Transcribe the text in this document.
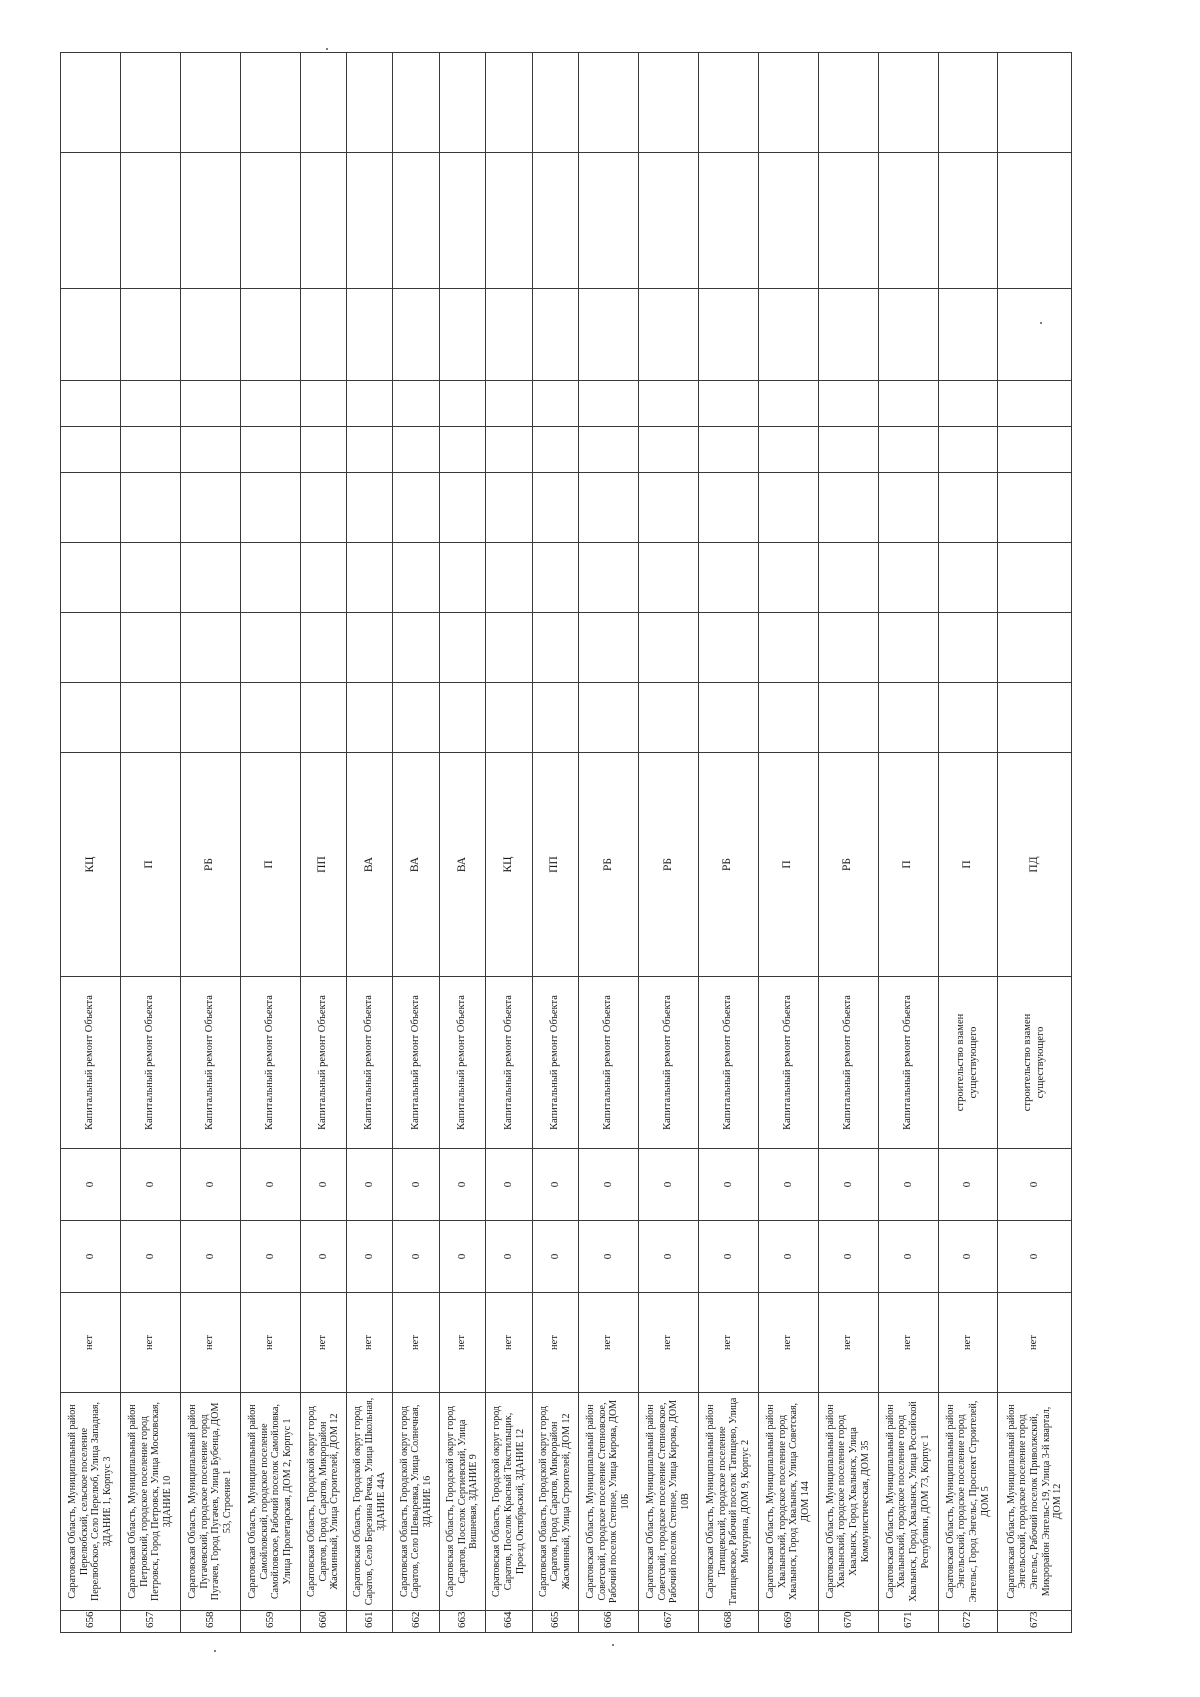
656	Саратовская Область, Муниципальный район Перелюбский, сельское поселение Перелюбское, Село Перелюб, Улица Западная, ЗДАНИЕ 1, Корпус 3	нет	0	0	Капитальный ремонт Объекта	КЦ									
657	Саратовская Область, Муниципальный район Петровский, городское поселение город Петровск, Город Петровск, Улица Московская, ЗДАНИЕ 10	нет	0	0	Капитальный ремонт Объекта	П									
658	Саратовская Область, Муниципальный район Пугачевский, городское поселение город Пугачев, Город Пугачев, Улица Бубенца, ДОМ 53, Строение 1	нет	0	0	Капитальный ремонт Объекта	РБ									
659	Саратовская Область, Муниципальный район Самойловский, городское поселение Самойловское, Рабочий поселок Самойловка, Улица Пролетарская, ДОМ 2, Корпус 1	нет	0	0	Капитальный ремонт Объекта	П									
660	Саратовская Область, Городской округ город Саратов, Город Саратов, Микрорайон Жасминный, Улица Строителей, ДОМ 12	нет	0	0	Капитальный ремонт Объекта	ПП									
661	Саратовская Область, Городской округ город Саратов, Село Березина Речка, Улица Школьная, ЗДАНИЕ 44А	нет	0	0	Капитальный ремонт Объекта	ВА									
662	Саратовская Область, Городской округ город Саратов, Село Шевыревка, Улица Солнечная, ЗДАНИЕ 16	нет	0	0	Капитальный ремонт Объекта	ВА									
663	Саратовская Область, Городской округ город Саратов, Поселок Сергиевский, Улица Вишневая, ЗДАНИЕ 9	нет	0	0	Капитальный ремонт Объекта	ВА									
664	Саратовская Область, Городской округ город Саратов, Поселок Красный Текстильщик, Проезд Октябрьский, ЗДАНИЕ 12	нет	0	0	Капитальный ремонт Объекта	КЦ									
665	Саратовская Область, Городской округ город Саратов, Город Саратов, Микрорайон Жасминный, Улица Строителей, ДОМ 12	нет	0	0	Капитальный ремонт Объекта	ПП									
666	Саратовская Область, Муниципальный район Советский, городское поселение Степновское, Рабочий поселок Степное, Улица Кирова, ДОМ 10Б	нет	0	0	Капитальный ремонт Объекта	РБ									
667	Саратовская Область, Муниципальный район Советский, городское поселение Степновское, Рабочий поселок Степное, Улица Кирова, ДОМ 10В	нет	0	0	Капитальный ремонт Объекта	РБ									
668	Саратовская Область, Муниципальный район Татищевский, городское поселение Татищевское, Рабочий поселок Татищево, Улица Мичурина, ДОМ 9, Корпус 2	нет	0	0	Капитальный ремонт Объекта	РБ									
669	Саратовская Область, Муниципальный район Хвалынский, городское поселение город Хвалынск, Город Хвалынск, Улица Советская, ДОМ 144	нет	0	0	Капитальный ремонт Объекта	П									
670	Саратовская Область, Муниципальный район Хвалынский, городское поселение город Хвалынск, Город Хвалынск, Улица Коммунистическая, ДОМ 35	нет	0	0	Капитальный ремонт Объекта	РБ									
671	Саратовская Область, Муниципальный район Хвалынский, городское поселение город Хвалынск, Город Хвалынск, Улица Российской Республики, ДОМ 73, Корпус 1	нет	0	0	Капитальный ремонт Объекта	П									
672	Саратовская Область, Муниципальный район Энгельсский, городское поселение город Энгельс, Город Энгельс, Проспект Строителей, ДОМ 5	нет	0	0	строительство взамен существующего	П									
673	Саратовская Область, Муниципальный район Энгельсский, городское поселение город Энгельс, Рабочий поселок Приволжский, Микрорайон Энгельс-19, Улица 3-й квартал, ДОМ 12	нет	0	0	строительство взамен существующего	ПД									
